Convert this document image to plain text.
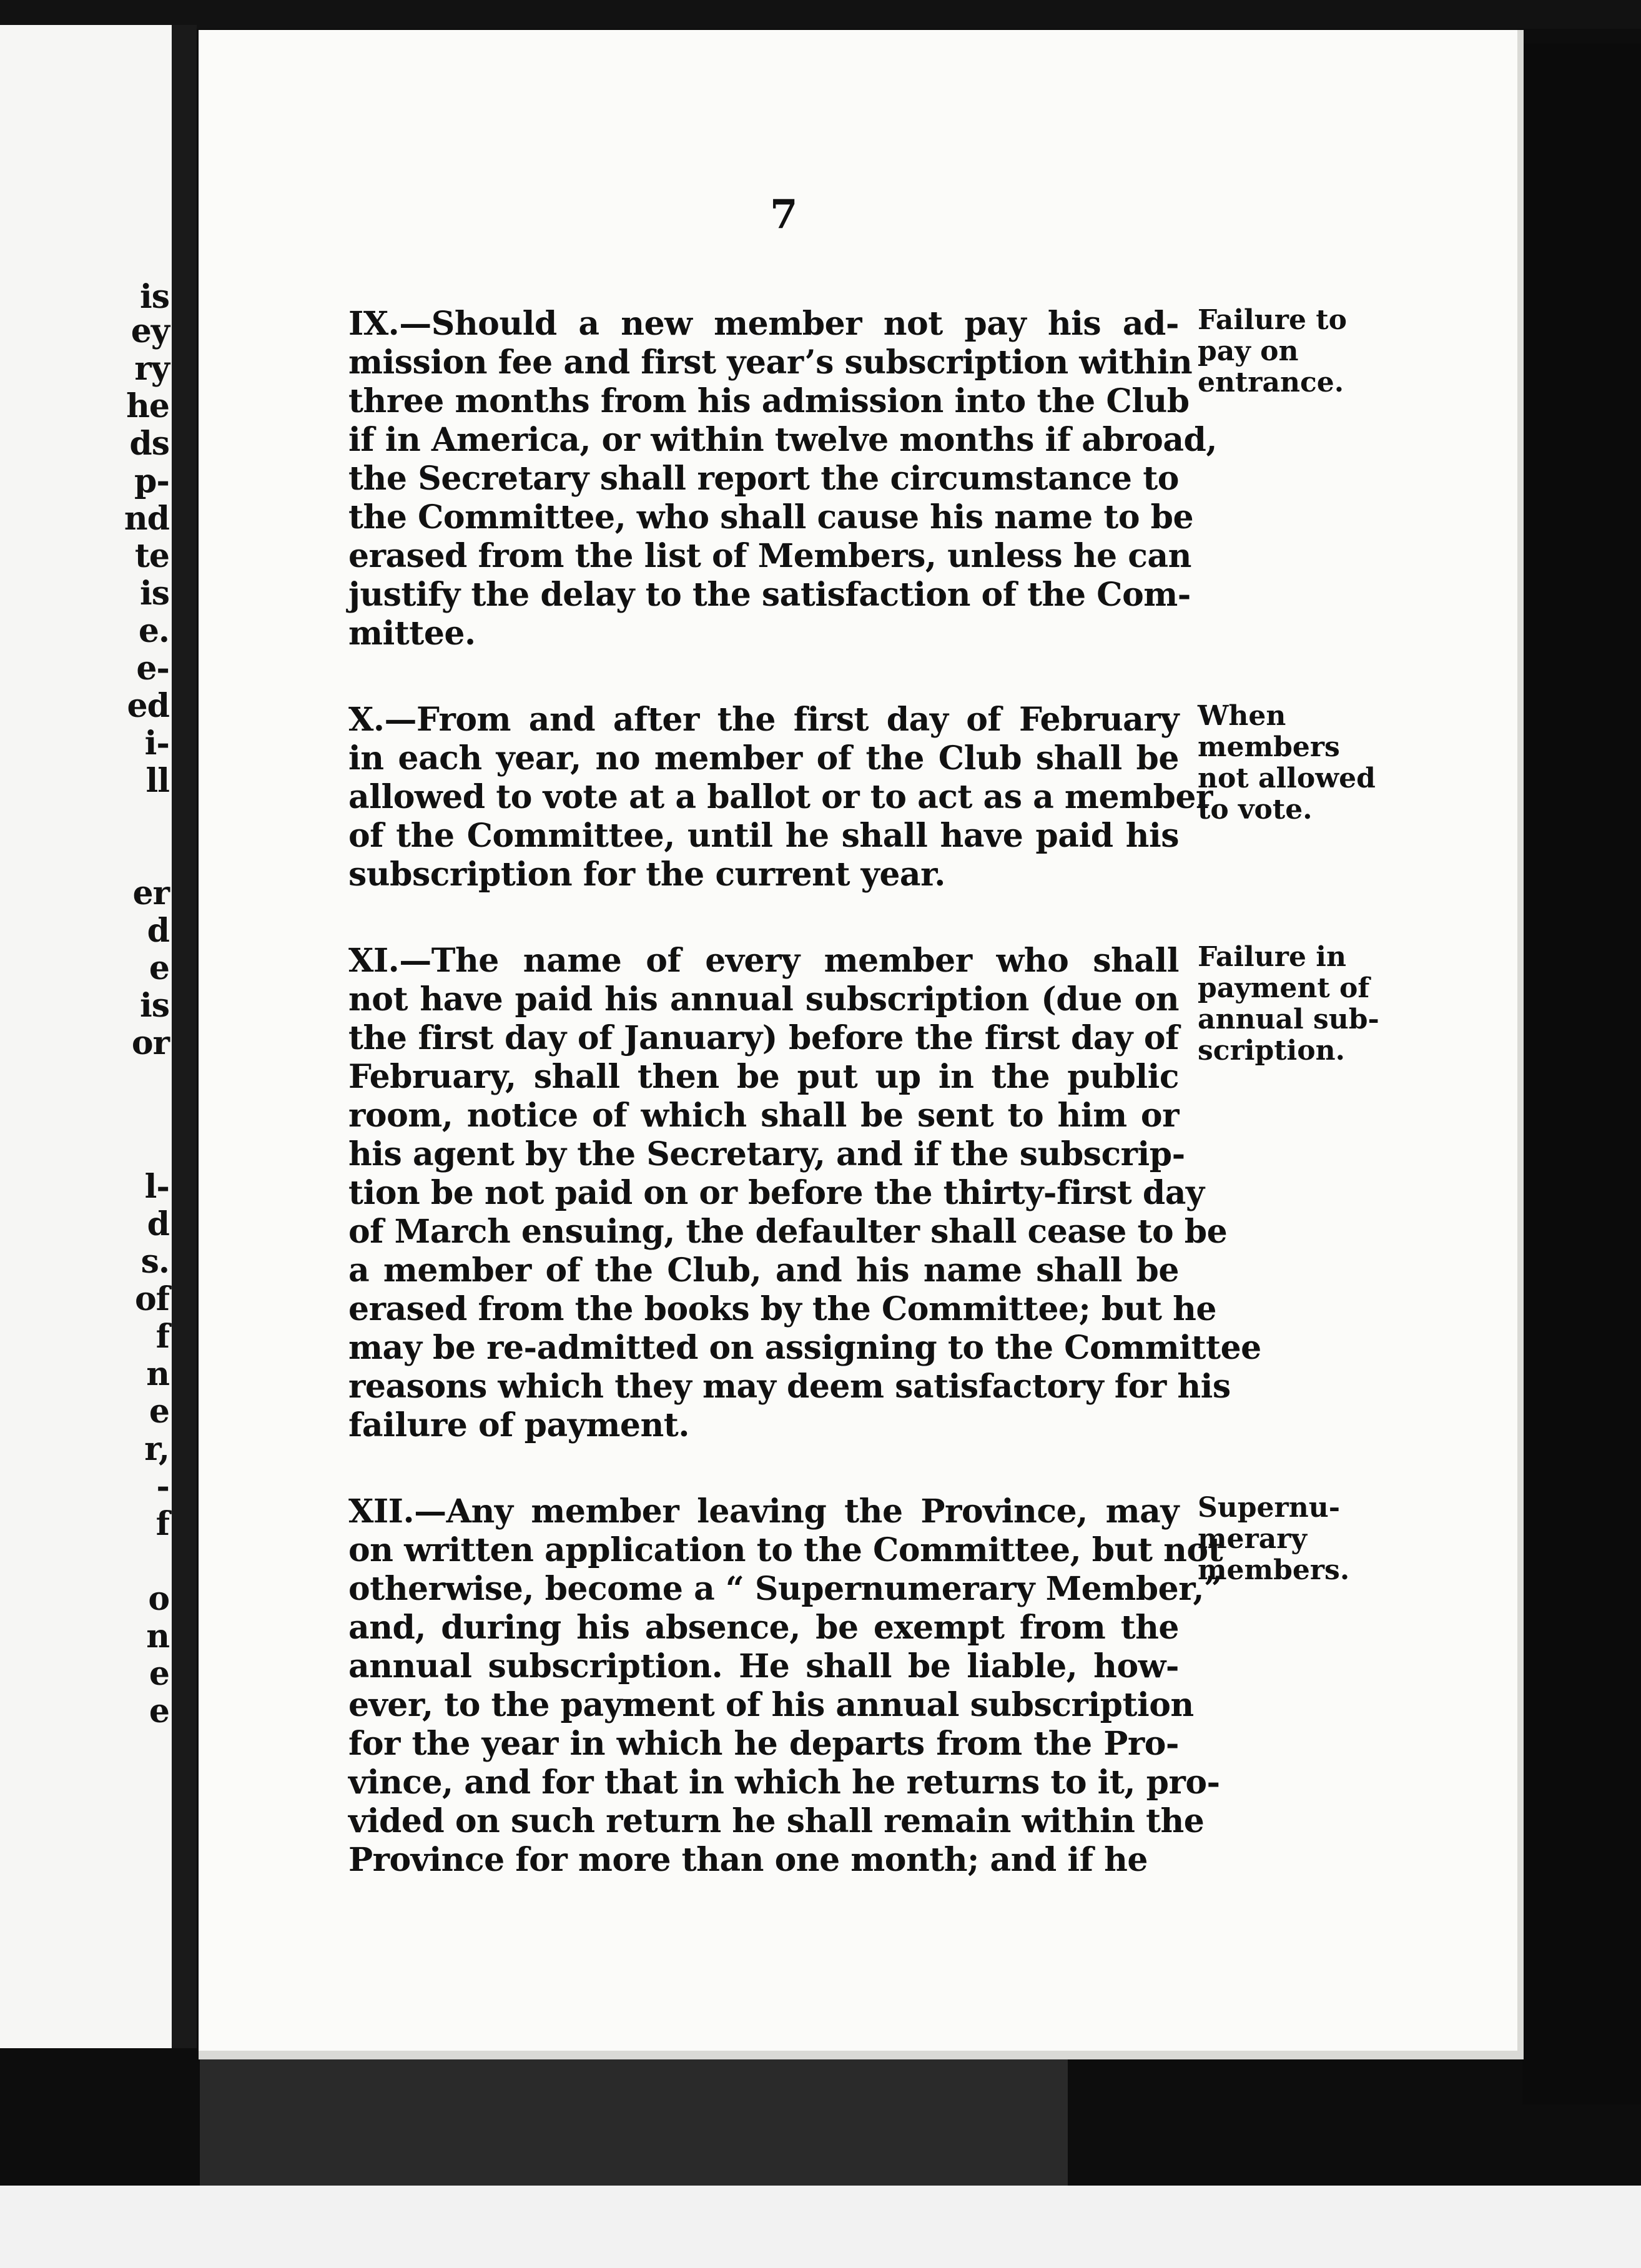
is
ey
ry
he
ds
p-
nd
te
is
e.
e-
ed
i-
ll
er
d
e
is
or
l-
d
s.
of
f
n
e
r,
-
f
o
n
e
e
7
IX.—Should a new member not pay his ad-
mission fee and first year’s subscription within
three months from his admission into the Club
if in America, or within twelve months if abroad,
the Secretary shall report the circumstance to
the Committee, who shall cause his name to be
erased from the list of Members, unless he can
justify the delay to the satisfaction of the Com-
mittee.
Failure to
pay on
entrance.
X.—From and after the first day of February
in each year, no member of the Club shall be
allowed to vote at a ballot or to act as a member
of the Committee, until he shall have paid his
subscription for the current year.
When
members
not allowed
to vote.
XI.—The name of every member who shall
not have paid his annual subscription (due on
the first day of January) before the first day of
February, shall then be put up in the public
room, notice of which shall be sent to him or
his agent by the Secretary, and if the subscrip-
tion be not paid on or before the thirty-first day
of March ensuing, the defaulter shall cease to be
a member of the Club, and his name shall be
erased from the books by the Committee; but he
may be re-admitted on assigning to the Committee
reasons which they may deem satisfactory for his
failure of payment.
Failure in
payment of
annual sub-
scription.
XII.—Any member leaving the Province, may
on written application to the Committee, but not
otherwise, become a “ Supernumerary Member,”
and, during his absence, be exempt from the
annual subscription. He shall be liable, how-
ever, to the payment of his annual subscription
for the year in which he departs from the Pro-
vince, and for that in which he returns to it, pro-
vided on such return he shall remain within the
Province for more than one month; and if he
Supernu-
merary
members.
